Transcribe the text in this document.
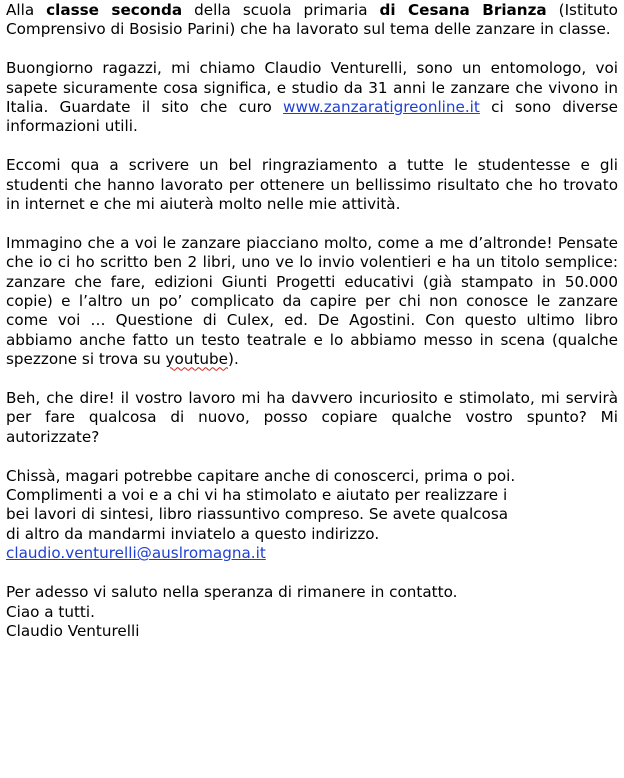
Alla classe seconda della scuola primaria di Cesana Brianza (Istituto Comprensivo di Bosisio Parini) che ha lavorato sul tema delle zanzare in classe.

Buongiorno ragazzi, mi chiamo Claudio Venturelli, sono un entomologo, voi sapete sicuramente cosa significa, e studio da 31 anni le zanzare che vivono in Italia. Guardate il sito che curo www.zanzaratigreonline.it ci sono diverse informazioni utili.

Eccomi qua a scrivere un bel ringraziamento a tutte le studentesse e gli studenti che hanno lavorato per ottenere un bellissimo risultato che ho trovato in internet e che mi aiuterà molto nelle mie attività.

Immagino che a voi le zanzare piacciano molto, come a me d’altronde! Pensate che io ci ho scritto ben 2 libri, uno ve lo invio volentieri e ha un titolo semplice: zanzare che fare, edizioni Giunti Progetti educativi (già stampato in 50.000 copie) e l’altro un po’ complicato da capire per chi non conosce le zanzare come voi … Questione di Culex, ed. De Agostini. Con questo ultimo libro abbiamo anche fatto un testo teatrale e lo abbiamo messo in scena (qualche spezzone si trova su youtube).

Beh, che dire! il vostro lavoro mi ha davvero incuriosito e stimolato, mi servirà per fare qualcosa di nuovo, posso copiare qualche vostro spunto? Mi autorizzate?

Chissà, magari potrebbe capitare anche di conoscerci, prima o poi.
Complimenti a voi e a chi vi ha stimolato e aiutato per realizzare i
bei lavori di sintesi, libro riassuntivo compreso. Se avete qualcosa
di altro da mandarmi inviatelo a questo indirizzo.
claudio.venturelli@auslromagna.it

Per adesso vi saluto nella speranza di rimanere in contatto.
Ciao a tutti.
Claudio Venturelli
